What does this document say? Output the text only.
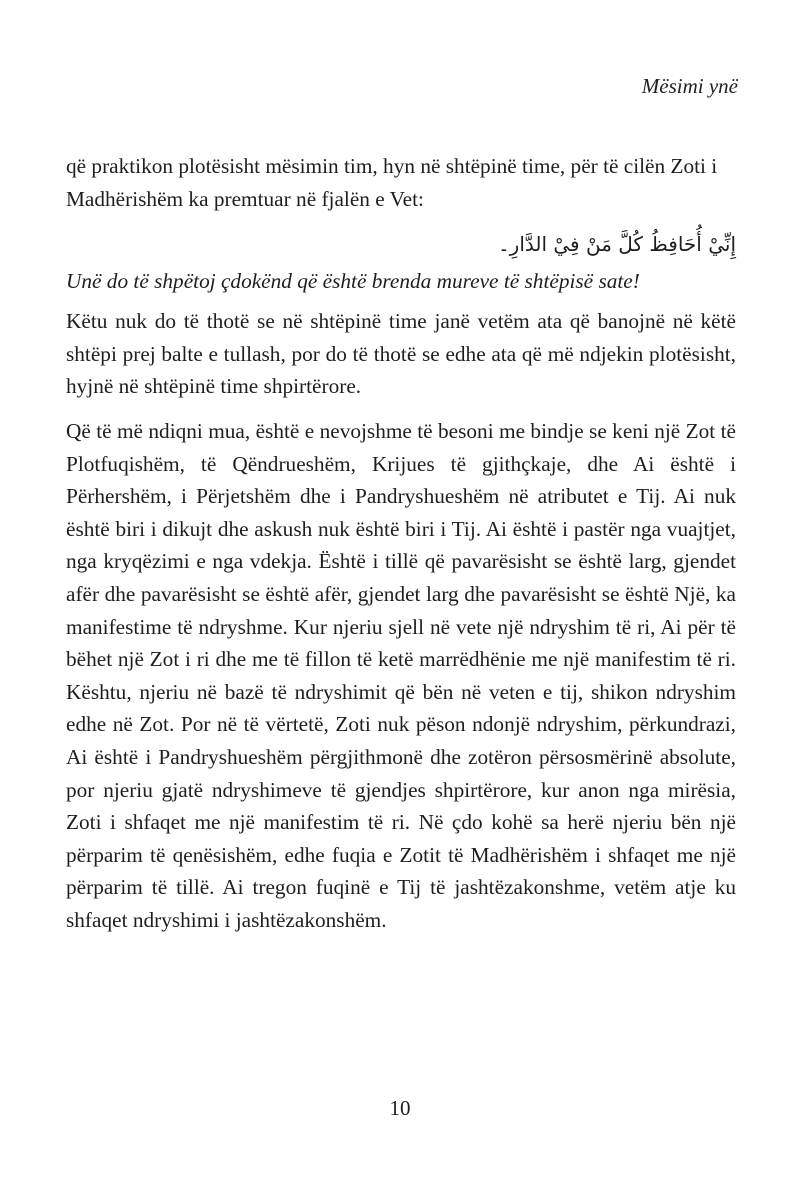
Mësimi ynë

që praktikon plotësisht mësimin tim, hyn në shtëpinë time, për të cilën Zoti i Madhërishëm ka premtuar në fjalën e Vet:

إِنِّيْ أُحَافِظُ كُلَّ مَنْ فِيْ الدَّارِ۔

Unë do të shpëtoj çdokënd që është brenda mureve të shtëpisë sate!

Këtu nuk do të thotë se në shtëpinë time janë vetëm ata që banojnë në këtë shtëpi prej balte e tullash, por do të thotë se edhe ata që më ndjekin plotësisht, hyjnë në shtëpinë time shpirtërore.

Që të më ndiqni mua, është e nevojshme të besoni me bindje se keni një Zot të Plotfuqishëm, të Qëndrueshëm, Krijues të gjithçkaje, dhe Ai është i Përhershëm, i Përjetshëm dhe i Pandryshueshëm në atributet e Tij. Ai nuk është biri i dikujt dhe askush nuk është biri i Tij. Ai është i pastër nga vuajtjet, nga kryqëzimi e nga vdekja. Është i tillë që pavarësisht se është larg, gjendet afër dhe pavarësisht se është afër, gjendet larg dhe pavarësisht se është Një, ka manifestime të ndryshme. Kur njeriu sjell në vete një ndryshim të ri, Ai për të bëhet një Zot i ri dhe me të fillon të ketë marrëdhënie me një manifestim të ri. Kështu, njeriu në bazë të ndryshimit që bën në veten e tij, shikon ndryshim edhe në Zot. Por në të vërtetë, Zoti nuk pëson ndonjë ndryshim, përkundrazi, Ai është i Pandryshueshëm përgjithmonë dhe zotëron përsosmërinë absolute, por njeriu gjatë ndryshimeve të gjendjes shpirtërore, kur anon nga mirësia, Zoti i shfaqet me një manifestim të ri. Në çdo kohë sa herë njeriu bën një përparim të qenësishëm, edhe fuqia e Zotit të Madhërishëm i shfaqet me një përparim të tillë. Ai tregon fuqinë e Tij të jashtëzakonshme, vetëm atje ku shfaqet ndryshimi i jashtëzakonshëm.

10
